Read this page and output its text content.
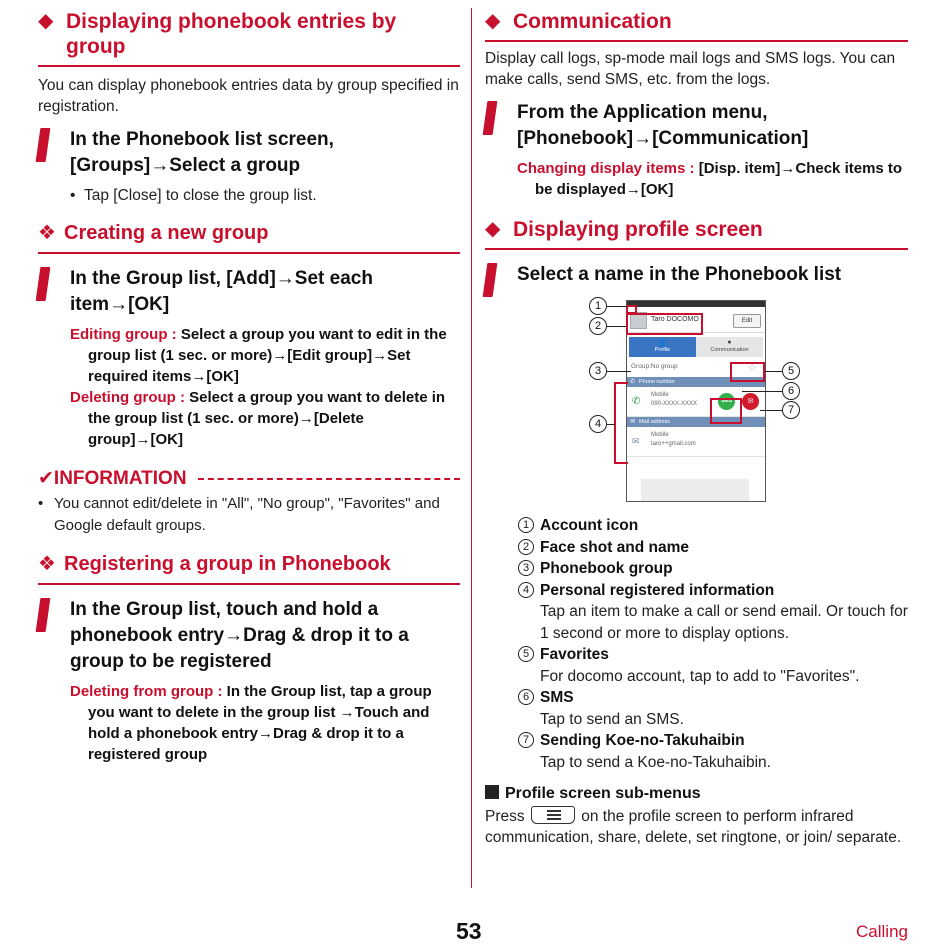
◆ Displaying phonebook entries by group

You can display phonebook entries data by group specified in registration.

In the Phonebook list screen, [Groups]→Select a group

• Tap [Close] to close the group list.
❖ Creating a new group

In the Group list, [Add]→Set each item→[OK]

Editing group : Select a group you want to edit in the group list (1 sec. or more)→[Edit group]→Set required items→[OK]

Deleting group : Select a group you want to delete in the group list (1 sec. or more)→[Delete group]→[OK]

✔INFORMATION
• You cannot edit/delete in "All", "No group", "Favorites" and Google default groups.
❖ Registering a group in Phonebook

In the Group list, touch and hold a phonebook entry→Drag & drop it to a group to be registered

Deleting from group : In the Group list, tap a group you want to delete in the group list →Touch and hold a phonebook entry→Drag & drop it to a registered group

◆ Communication

Display call logs, sp-mode mail logs and SMS logs. You can make calls, send SMS, etc. from the logs.

From the Application menu, [Phonebook]→[Communication]

Changing display items : [Disp. item]→Check items to be displayed→[OK]

◆ Displaying profile screen

Select a name in the Phonebook list

1 Account icon
2 Face shot and name
3 Phonebook group
4 Personal registered information
Tap an item to make a call or send email. Or touch for 1 second or more to display options.
5 Favorites
For docomo account, tap to add to "Favorites".
6 SMS
Tap to send an SMS.
7 Sending Koe-no-Takuhaibin
Tap to send a Koe-no-Takuhaibin.

Profile screen sub-menus

Press	on the profile screen to perform infrared communication, share, delete, set ringtone, or join/ separate.

Taro DOCOMO	Edit
👤
Profile
●
Communication
Group:No group	☆
✆ Phone number
✆
Mobile
090-XXXX-XXXX	SMS	✉
✉ Mail address
✉
Mobile
taro++gmail.com
1
2
3
4
5
6
7
53	Calling
